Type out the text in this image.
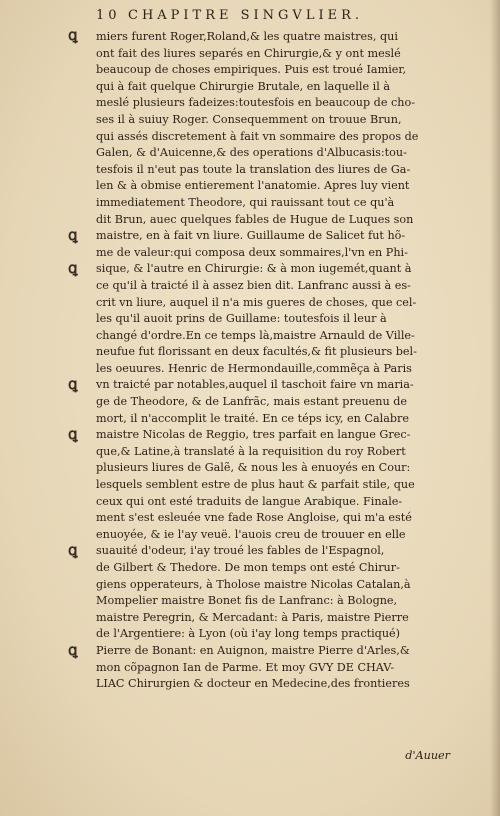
10 CHAPITRE SINGVLIER.
ꝗ
ꝗ
ꝗ
ꝗ
ꝗ
ꝗ
ꝗ
miers furent Roger,Roland,& les quatre maistres, qui
ont fait des liures separés en Chirurgie,& y ont meslé
beaucoup de choses empiriques. Puis est troué Iamier,
qui à fait quelque Chirurgie Brutale, en laquelle il à
meslé plusieurs fadeizes:toutesfois en beaucoup de cho-
ses il à suiuy Roger. Consequemment on trouue Brun,
qui assés discretement à fait vn sommaire des propos de
Galen, & d'Auicenne,& des operations d'Albucasis:tou-
tesfois il n'eut pas toute la translation des liures de Ga-
len & à obmise entierement l'anatomie. Apres luy vient
immediatement Theodore, qui rauissant tout ce qu'à
dit Brun, auec quelques fables de Hugue de Luques son
maistre, en à fait vn liure. Guillaume de Salicet fut hõ-
me de valeur:qui composa deux sommaires,l'vn en Phi-
sique, & l'autre en Chirurgie: & à mon iugemét,quant à
ce qu'il à traicté il à assez bien dit. Lanfranc aussi à es-
crit vn liure, auquel il n'a mis gueres de choses, que cel-
les qu'il auoit prins de Guillame: toutesfois il leur à
changé d'ordre.En ce temps là,maistre Arnauld de Ville-
neufue fut florissant en deux facultés,& fit plusieurs bel-
les oeuures. Henric de Hermondauille,commẽça à Paris
vn traicté par notables,auquel il taschoit faire vn maria-
ge de Theodore, & de Lanfrãc, mais estant preuenu de
mort, il n'accomplit le traité. En ce téps icy, en Calabre
maistre Nicolas de Reggio, tres parfait en langue Grec-
que,& Latine,à translaté à la requisition du roy Robert
plusieurs liures de Galẽ, & nous les à enuoyés en Cour:
lesquels semblent estre de plus haut & parfait stile, que
ceux qui ont esté traduits de langue Arabique. Finale-
ment s'est esleuée vne fade Rose Angloise, qui m'a esté
enuoyée, & ie l'ay veuë. l'auois creu de trouuer en elle
suauité d'odeur, i'ay troué les fables de l'Espagnol,
de Gilbert & Thedore. De mon temps ont esté Chirur-
giens opperateurs, à Tholose maistre Nicolas Catalan,à
Mompelier maistre Bonet fis de Lanfranc: à Bologne,
maistre Peregrin, & Mercadant: à Paris, maistre Pierre
de l'Argentiere: à Lyon (où i'ay long temps practiqué)
Pierre de Bonant: en Auignon, maistre Pierre d'Arles,&
mon cõpagnon Ian de Parme. Et moy GVY DE CHAV-
LIAC Chirurgien & docteur en Medecine,des frontieres
d'Auuer
